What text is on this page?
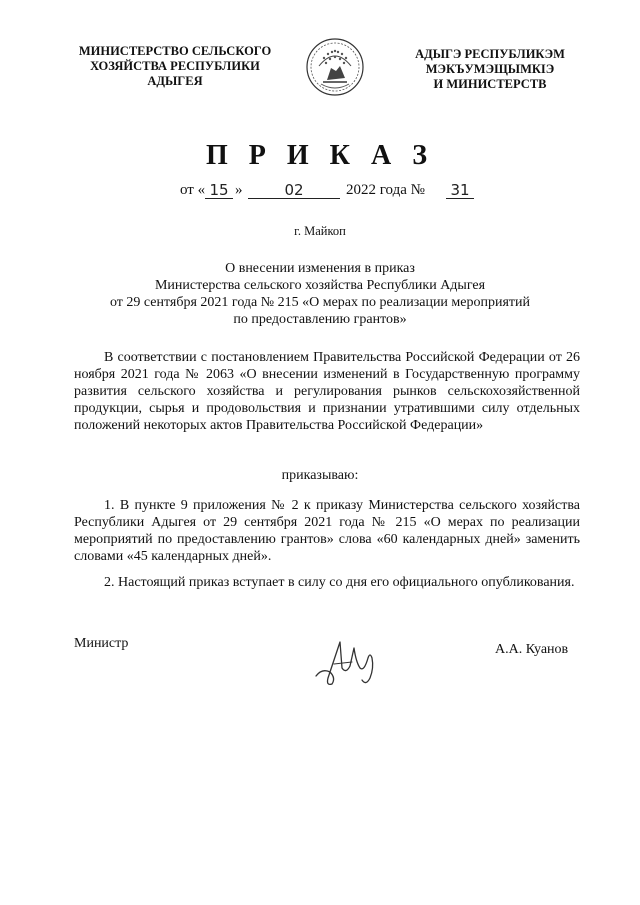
МИНИСТЕРСТВО СЕЛЬСКОГО
ХОЗЯЙСТВА РЕСПУБЛИКИ
АДЫГЕЯ
АДЫГЭ РЕСПУБЛИКЭМ
МЭКЪУМЭЩЫМКIЭ
И МИНИСТЕРСТВ
П Р И К А З
от « 15 »	02	2022 года № 31
г. Майкоп
О внесении изменения в приказ
Министерства сельского хозяйства Республики Адыгея
от 29 сентября 2021 года № 215 «О мерах по реализации мероприятий
по предоставлению грантов»
В соответствии с постановлением Правительства Российской Федерации от 26 ноября 2021 года № 2063 «О внесении изменений в Государственную программу развития сельского хозяйства и регулирования рынков сельскохозяйственной продукции, сырья и продовольствия и признании утратившими силу отдельных положений некоторых актов Правительства Российской Федерации»
приказываю:
1. В пункте 9 приложения № 2 к приказу Министерства сельского хозяйства Республики Адыгея от 29 сентября 2021 года № 215 «О мерах по реализации мероприятий по предоставлению грантов» слова «60 календарных дней» заменить словами «45 календарных дней».
2. Настоящий приказ вступает в силу со дня его официального опубликования.
Министр	А.А. Куанов
